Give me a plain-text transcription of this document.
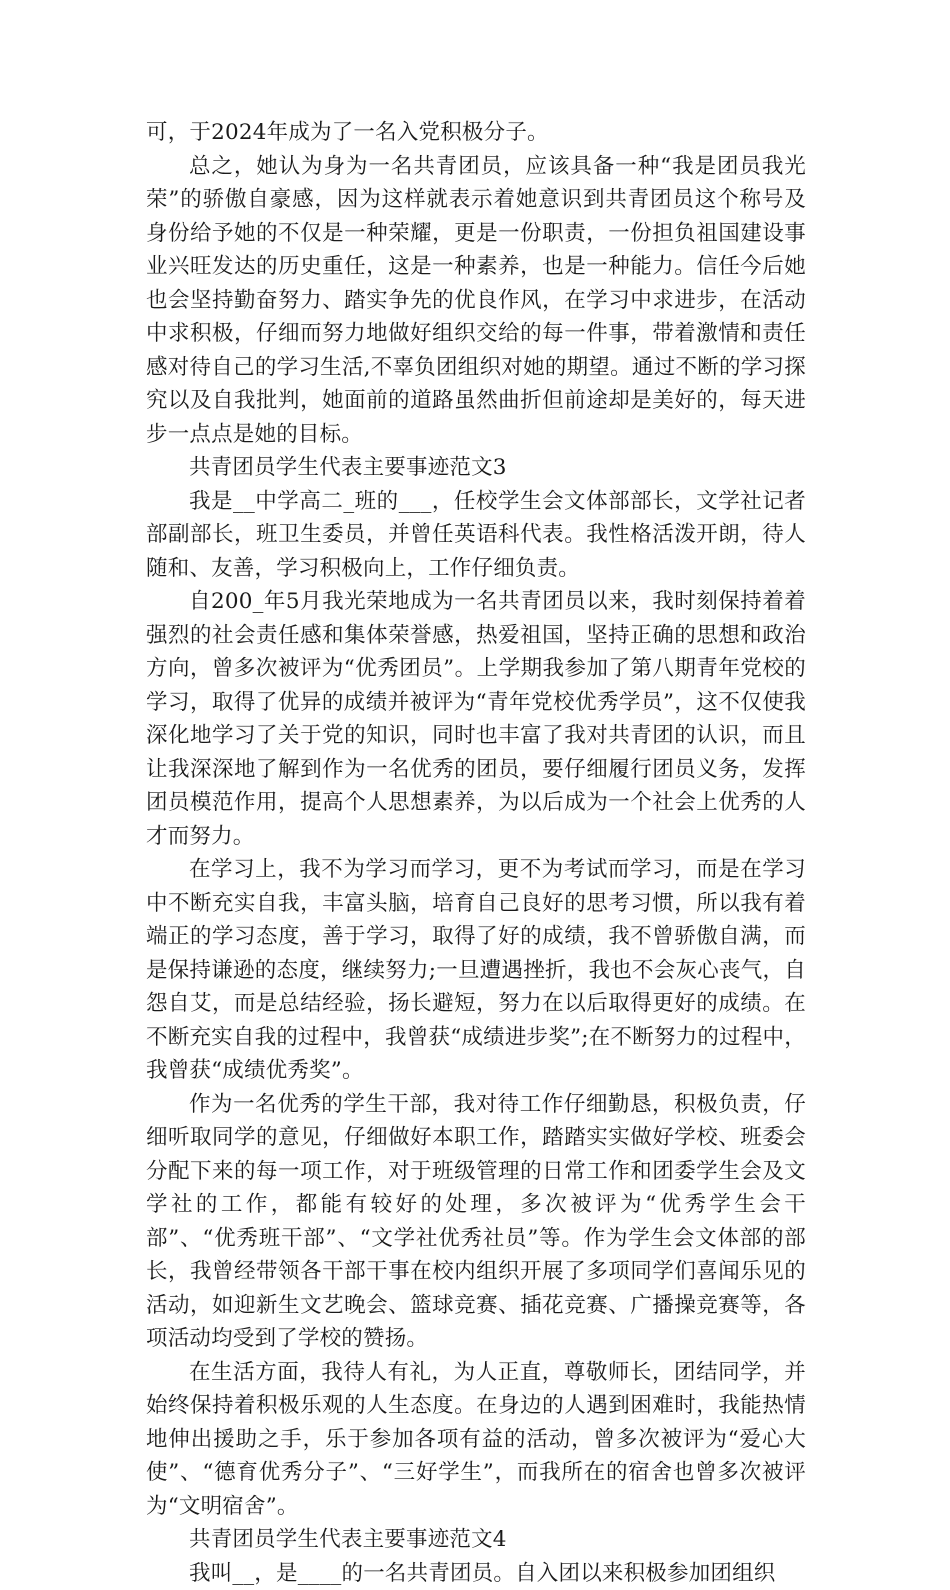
可，于2024年成为了一名入党积极分子。

总之，她认为身为一名共青团员，应该具备一种“我是团员我光荣”的骄傲自豪感，因为这样就表示着她意识到共青团员这个称号及身份给予她的不仅是一种荣耀，更是一份职责，一份担负祖国建设事业兴旺发达的历史重任，这是一种素养，也是一种能力。信任今后她也会坚持勤奋努力、踏实争先的优良作风，在学习中求进步，在活动中求积极，仔细而努力地做好组织交给的每一件事，带着激情和责任感对待自己的学习生活,不辜负团组织对她的期望。通过不断的学习探究以及自我批判，她面前的道路虽然曲折但前途却是美好的，每天进步一点点是她的目标。

共青团员学生代表主要事迹范文3

我是__中学高二_班的___，任校学生会文体部部长，文学社记者部副部长，班卫生委员，并曾任英语科代表。我性格活泼开朗，待人随和、友善，学习积极向上，工作仔细负责。

自200_年5月我光荣地成为一名共青团员以来，我时刻保持着着强烈的社会责任感和集体荣誉感，热爱祖国，坚持正确的思想和政治方向，曾多次被评为“优秀团员”。上学期我参加了第八期青年党校的学习，取得了优异的成绩并被评为“青年党校优秀学员”，这不仅使我深化地学习了关于党的知识，同时也丰富了我对共青团的认识，而且让我深深地了解到作为一名优秀的团员，要仔细履行团员义务，发挥团员模范作用，提高个人思想素养，为以后成为一个社会上优秀的人才而努力。

在学习上，我不为学习而学习，更不为考试而学习，而是在学习中不断充实自我，丰富头脑，培育自己良好的思考习惯，所以我有着端正的学习态度，善于学习，取得了好的成绩，我不曾骄傲自满，而是保持谦逊的态度，继续努力;一旦遭遇挫折，我也不会灰心丧气，自怨自艾，而是总结经验，扬长避短，努力在以后取得更好的成绩。在不断充实自我的过程中，我曾获“成绩进步奖”;在不断努力的过程中，我曾获“成绩优秀奖”。

作为一名优秀的学生干部，我对待工作仔细勤恳，积极负责，仔细听取同学的意见，仔细做好本职工作，踏踏实实做好学校、班委会分配下来的每一项工作，对于班级管理的日常工作和团委学生会及文学社的工作，都能有较好的处理，多次被评为“优秀学生会干部”、“优秀班干部”、“文学社优秀社员”等。作为学生会文体部的部长，我曾经带领各干部干事在校内组织开展了多项同学们喜闻乐见的活动，如迎新生文艺晚会、篮球竞赛、插花竞赛、广播操竞赛等，各项活动均受到了学校的赞扬。

在生活方面，我待人有礼，为人正直，尊敬师长，团结同学，并始终保持着积极乐观的人生态度。在身边的人遇到困难时，我能热情地伸出援助之手，乐于参加各项有益的活动，曾多次被评为“爱心大使”、“德育优秀分子”、“三好学生”，而我所在的宿舍也曾多次被评为“文明宿舍”。

共青团员学生代表主要事迹范文4

我叫__，是____的一名共青团员。自入团以来积极参加团组织
